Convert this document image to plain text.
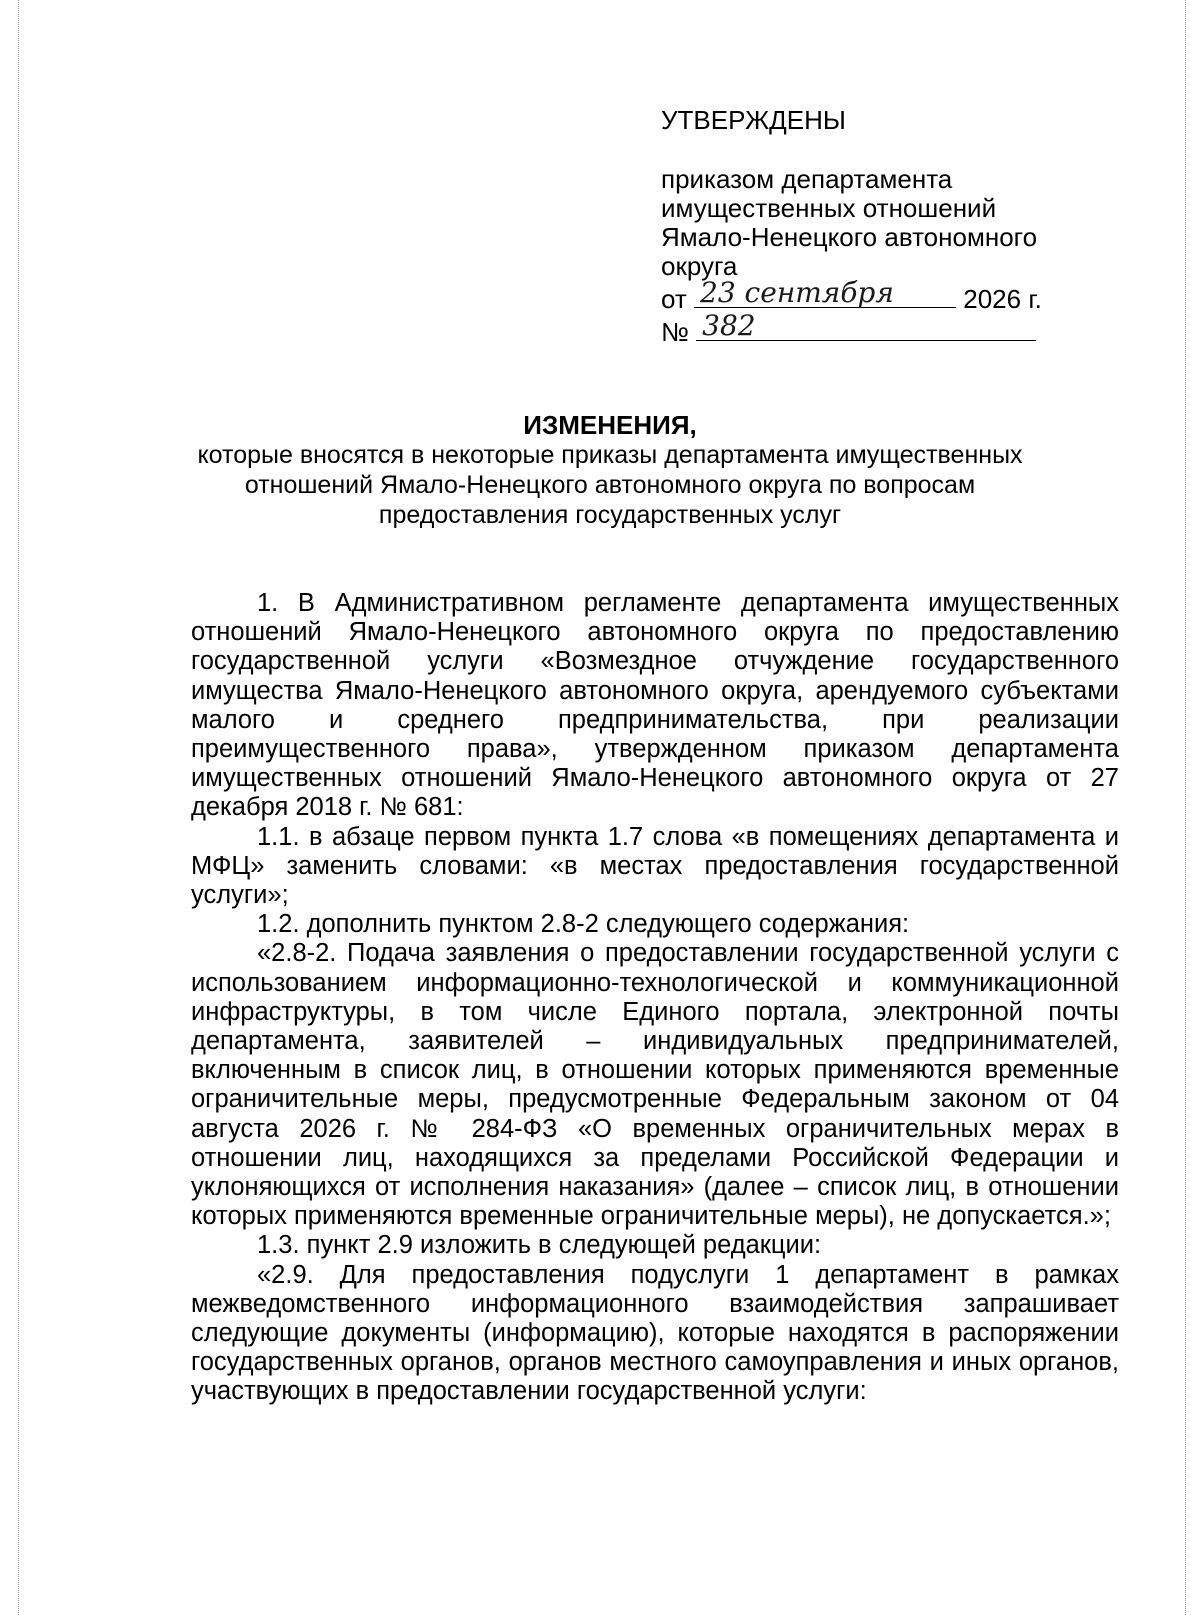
УТВЕРЖДЕНЫ
приказом департамента
имущественных отношений
Ямало-Ненецкого автономного
округа
от 23 сентября	2026 г.
№ 382
ИЗМЕНЕНИЯ,
которые вносятся в некоторые приказы департамента имущественных
отношений Ямало-Ненецкого автономного округа по вопросам
предоставления государственных услуг

1. В Административном регламенте департамента имущественных отношений Ямало-Ненецкого автономного округа по предоставлению государственной услуги «Возмездное отчуждение государственного имущества Ямало-Ненецкого автономного округа, арендуемого субъектами малого и среднего предпринимательства, при реализации преимущественного права», утвержденном приказом департамента имущественных отношений Ямало-Ненецкого автономного округа от 27 декабря 2018 г. № 681:

1.1. в абзаце первом пункта 1.7 слова «в помещениях департамента и МФЦ» заменить словами: «в местах предоставления государственной услуги»;

1.2. дополнить пунктом 2.8-2 следующего содержания:

«2.8-2. Подача заявления о предоставлении государственной услуги с использованием информационно-технологической и коммуникационной инфраструктуры, в том числе Единого портала, электронной почты департамента, заявителей – индивидуальных предпринимателей, включенным в список лиц, в отношении которых применяются временные ограничительные меры, предусмотренные Федеральным законом от 04 августа 2026 г. № 284-ФЗ «О временных ограничительных мерах в отношении лиц, находящихся за пределами Российской Федерации и уклоняющихся от исполнения наказания» (далее – список лиц, в отношении которых применяются временные ограничительные меры), не допускается.»;

1.3. пункт 2.9 изложить в следующей редакции:

«2.9. Для предоставления подуслуги 1 департамент в рамках межведомственного информационного взаимодействия запрашивает следующие документы (информацию), которые находятся в распоряжении государственных органов, органов местного самоуправления и иных органов, участвующих в предоставлении государственной услуги:
